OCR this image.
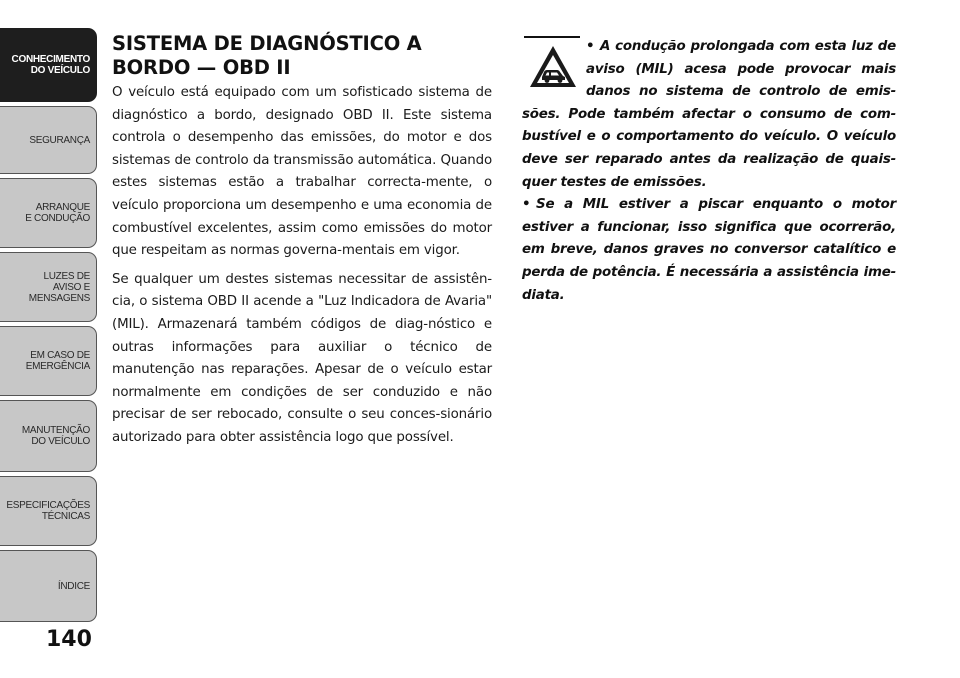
CONHECIMENTO
DO VEÍCULO
SEGURANÇA
ARRANQUE
E CONDUÇÃO
LUZES DE
AVISO E
MENSAGENS
EM CASO DE
EMERGÊNCIA
MANUTENÇÃO
DO VEÍCULO
ESPECIFICAÇÕES
TÉCNICAS
ÍNDICE
140
SISTEMA DE DIAGNÓSTICO A
BORDO — OBD II

O veículo está equipado com um sofisticado sistema de diagnóstico a bordo, designado OBD II. Este sistema controla o desempenho das emissões, do motor e dos sistemas de controlo da transmissão automática. Quando estes sistemas estão a trabalhar correcta-mente, o veículo proporciona um desempenho e uma economia de combustível excelentes, assim como emissões do motor que respeitam as normas governa-mentais em vigor.

Se qualquer um destes sistemas necessitar de assistên-cia, o sistema OBD II acende a "Luz Indicadora de Avaria" (MIL). Armazenará também códigos de diag-nóstico e outras informações para auxiliar o técnico de manutenção nas reparações. Apesar de o veículo estar normalmente em condições de ser conduzido e não precisar de ser rebocado, consulte o seu conces-sionário autorizado para obter assistência logo que possível.

• A condução prolongada com esta luz de aviso (MIL) acesa pode provocar mais danos no sistema de controlo de emis-sões. Pode também afectar o consumo de com-bustível e o comportamento do veículo. O veículo deve ser reparado antes da realização de quais-quer testes de emissões.

• Se a MIL estiver a piscar enquanto o motor estiver a funcionar, isso significa que ocorrerão, em breve, danos graves no conversor catalítico e perda de potência. É necessária a assistência ime-diata.
